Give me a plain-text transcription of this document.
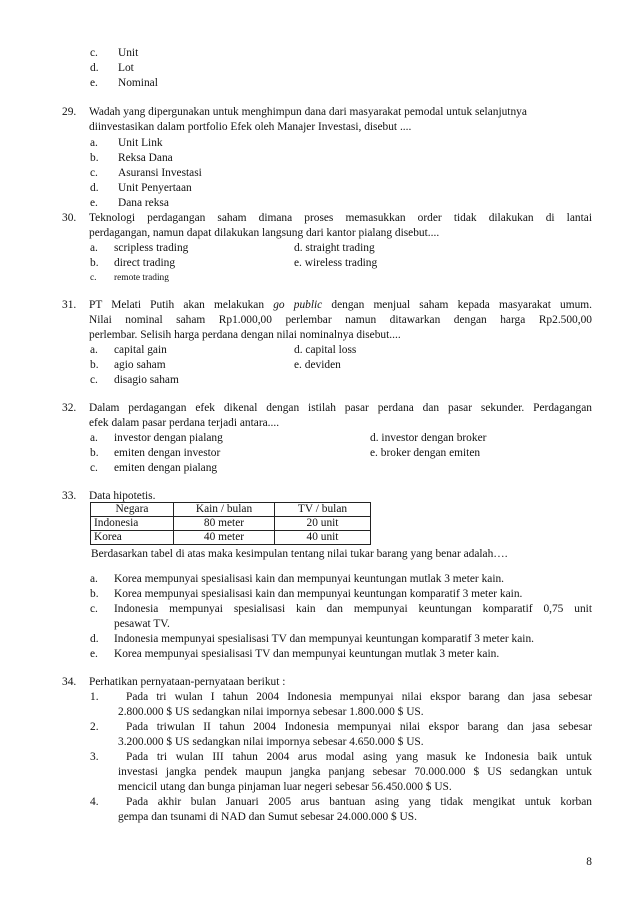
c. Unit
d. Lot
e. Nominal
29. Wadah yang dipergunakan untuk menghimpun dana dari masyarakat pemodal untuk selanjutnya
diinvestasikan dalam portfolio Efek oleh Manajer Investasi, disebut ....
a. Unit Link
b. Reksa Dana
c. Asuransi Investasi
d. Unit Penyertaan
e. Dana reksa
30. Teknologi perdagangan saham dimana proses memasukkan order tidak dilakukan di lantai
perdagangan, namun dapat dilakukan langsung dari kantor pialang disebut....
a. scripless trading	d. straight trading
b. direct trading	e. wireless trading
c. remote trading
31. PT Melati Putih akan melakukan go public dengan menjual saham kepada masyarakat umum.
Nilai nominal saham Rp1.000,00 perlembar namun ditawarkan dengan harga Rp2.500,00
perlembar. Selisih harga perdana dengan nilai nominalnya disebut....
a. capital gain	d. capital loss
b. agio saham	e. deviden
c. disagio saham
32. Dalam perdagangan efek dikenal dengan istilah pasar perdana dan pasar sekunder. Perdagangan
efek dalam pasar perdana terjadi antara....
a. investor dengan pialang	d. investor dengan broker
b. emiten dengan investor	e. broker dengan emiten
c. emiten dengan pialang
33. Data hipotetis.
Negara	Kain / bulan	TV / bulan
Indonesia	80 meter	20 unit
Korea	40 meter	40 unit
Berdasarkan tabel di atas maka kesimpulan tentang nilai tukar barang yang benar adalah….
a. Korea mempunyai spesialisasi kain dan mempunyai keuntungan mutlak 3 meter kain.
b. Korea mempunyai spesialisasi kain dan mempunyai keuntungan komparatif 3 meter kain.
c. Indonesia mempunyai spesialisasi kain dan mempunyai keuntungan komparatif 0,75 unit
pesawat TV.
d. Indonesia mempunyai spesialisasi TV dan mempunyai keuntungan komparatif 3 meter kain.
e. Korea mempunyai spesialisasi TV dan mempunyai keuntungan mutlak 3 meter kain.
34. Perhatikan pernyataan-pernyataan berikut :
1. Pada tri wulan I tahun 2004 Indonesia mempunyai nilai ekspor barang dan jasa sebesar
2.800.000 $ US sedangkan nilai impornya sebesar 1.800.000 $ US.
2. Pada triwulan II tahun 2004 Indonesia mempunyai nilai ekspor barang dan jasa sebesar
3.200.000 $ US sedangkan nilai impornya sebesar 4.650.000 $ US.
3. Pada tri wulan III tahun 2004 arus modal asing yang masuk ke Indonesia baik untuk
investasi jangka pendek maupun jangka panjang sebesar 70.000.000 $ US sedangkan untuk
mencicil utang dan bunga pinjaman luar negeri sebesar 56.450.000 $ US.
4. Pada akhir bulan Januari 2005 arus bantuan asing yang tidak mengikat untuk korban
gempa dan tsunami di NAD dan Sumut sebesar 24.000.000 $ US.
8
